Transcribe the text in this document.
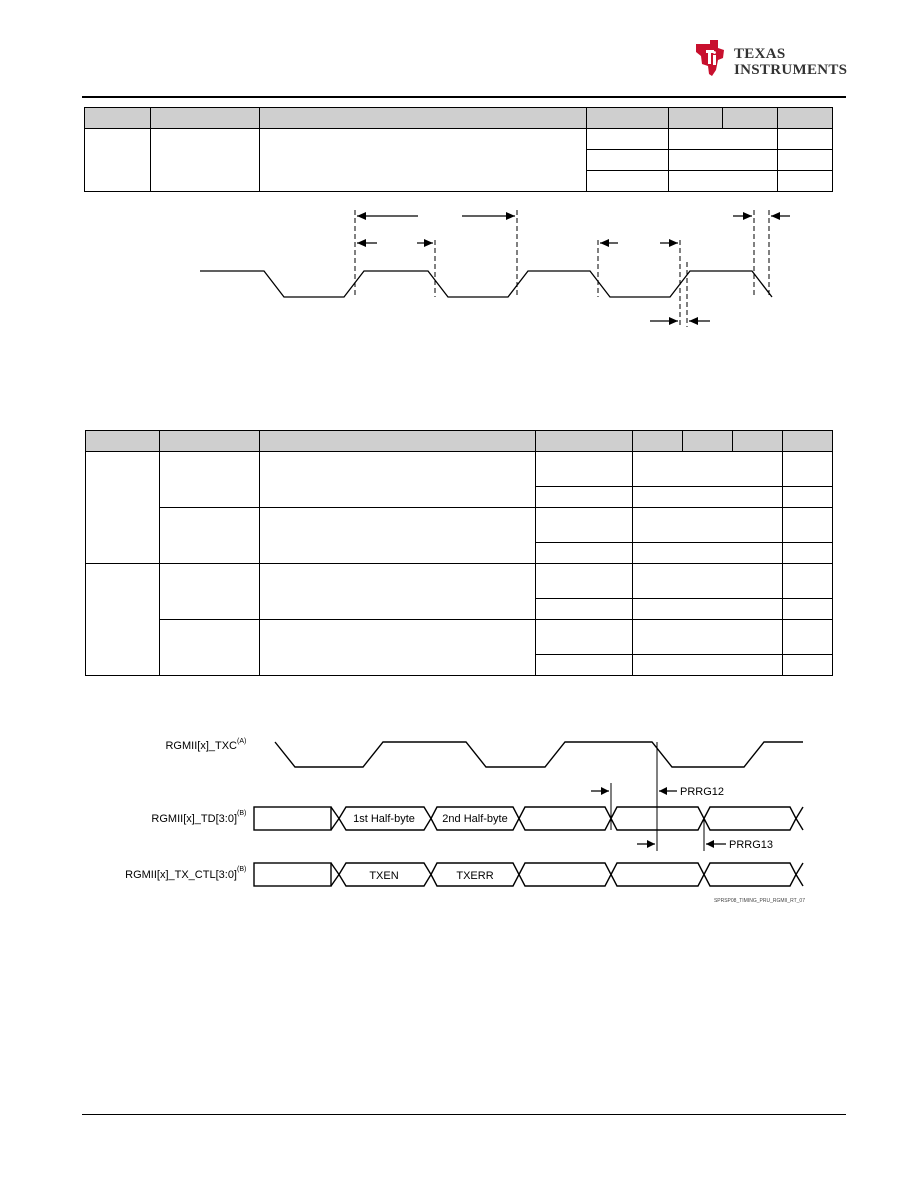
TEXAS
INSTRUMENTS

RGMII[x]_TXC (A)
RGMII[x]_TD[3:0] (B)
RGMII[x]_TX_CTL[3:0] (B)
1st Half-byte 2nd Half-byte
TXEN	TXERR
PRRG12
PRRG13
SPRSP08_TIMING_PRU_RGMII_RT_07
